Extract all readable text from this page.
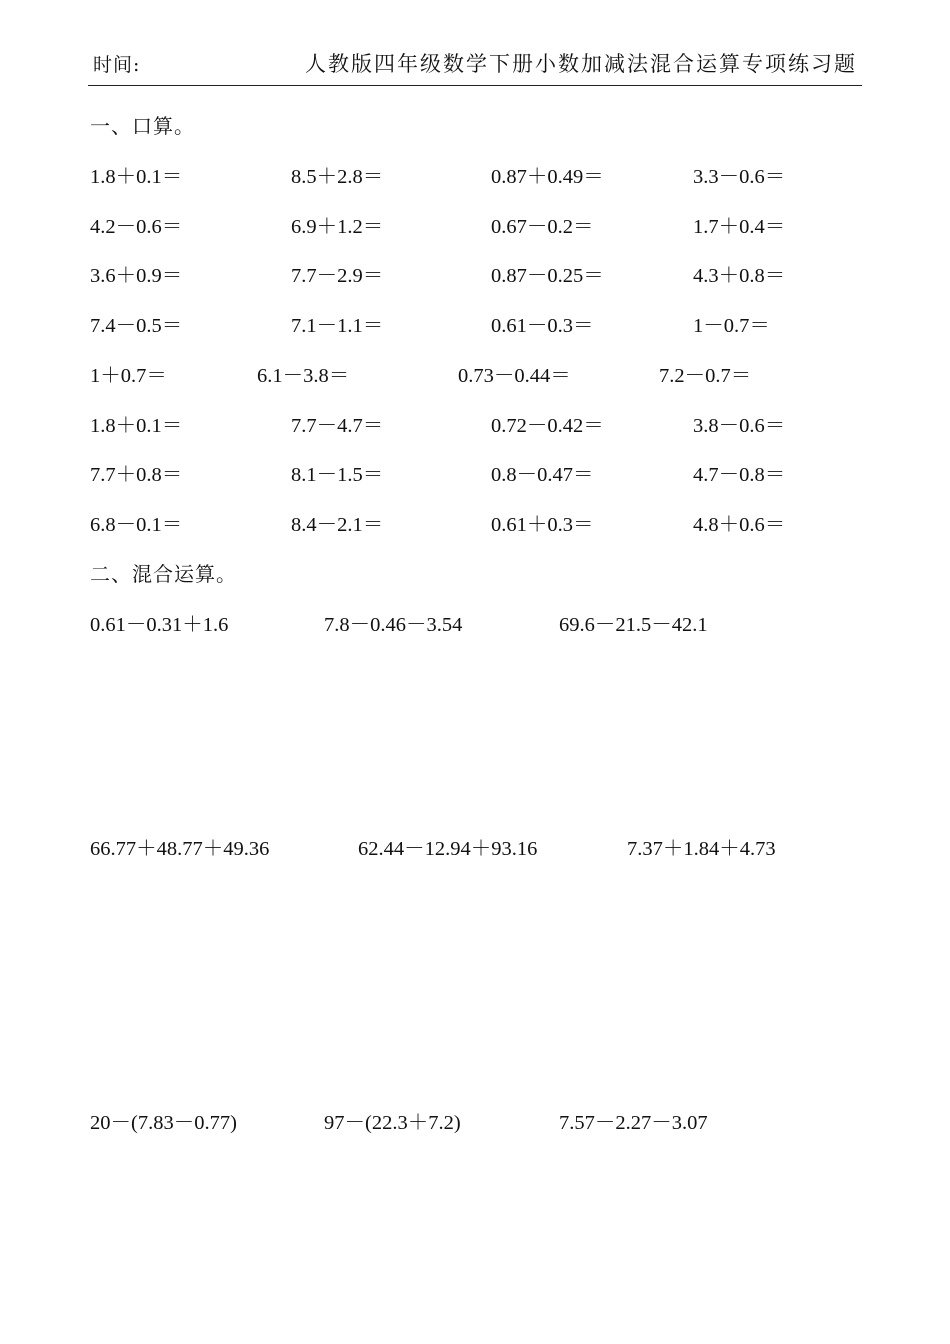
时间:	人教版四年级数学下册小数加减法混合运算专项练习题
一、口算。
1.8＋0.1＝	8.5＋2.8＝	0.87＋0.49＝	3.3－0.6＝
4.2－0.6＝	6.9＋1.2＝	0.67－0.2＝	1.7＋0.4＝
3.6＋0.9＝	7.7－2.9＝	0.87－0.25＝	4.3＋0.8＝
7.4－0.5＝	7.1－1.1＝	0.61－0.3＝	1－0.7＝
1＋0.7＝	6.1－3.8＝	0.73－0.44＝	7.2－0.7＝
1.8＋0.1＝	7.7－4.7＝	0.72－0.42＝	3.8－0.6＝
7.7＋0.8＝	8.1－1.5＝	0.8－0.47＝	4.7－0.8＝
6.8－0.1＝	8.4－2.1＝	0.61＋0.3＝	4.8＋0.6＝
二、混合运算。
0.61－0.31＋1.6	7.8－0.46－3.54	69.6－21.5－42.1
66.77＋48.77＋49.36	62.44－12.94＋93.16	7.37＋1.84＋4.73
20－(7.83－0.77)	97－(22.3＋7.2)	7.57－2.27－3.07
